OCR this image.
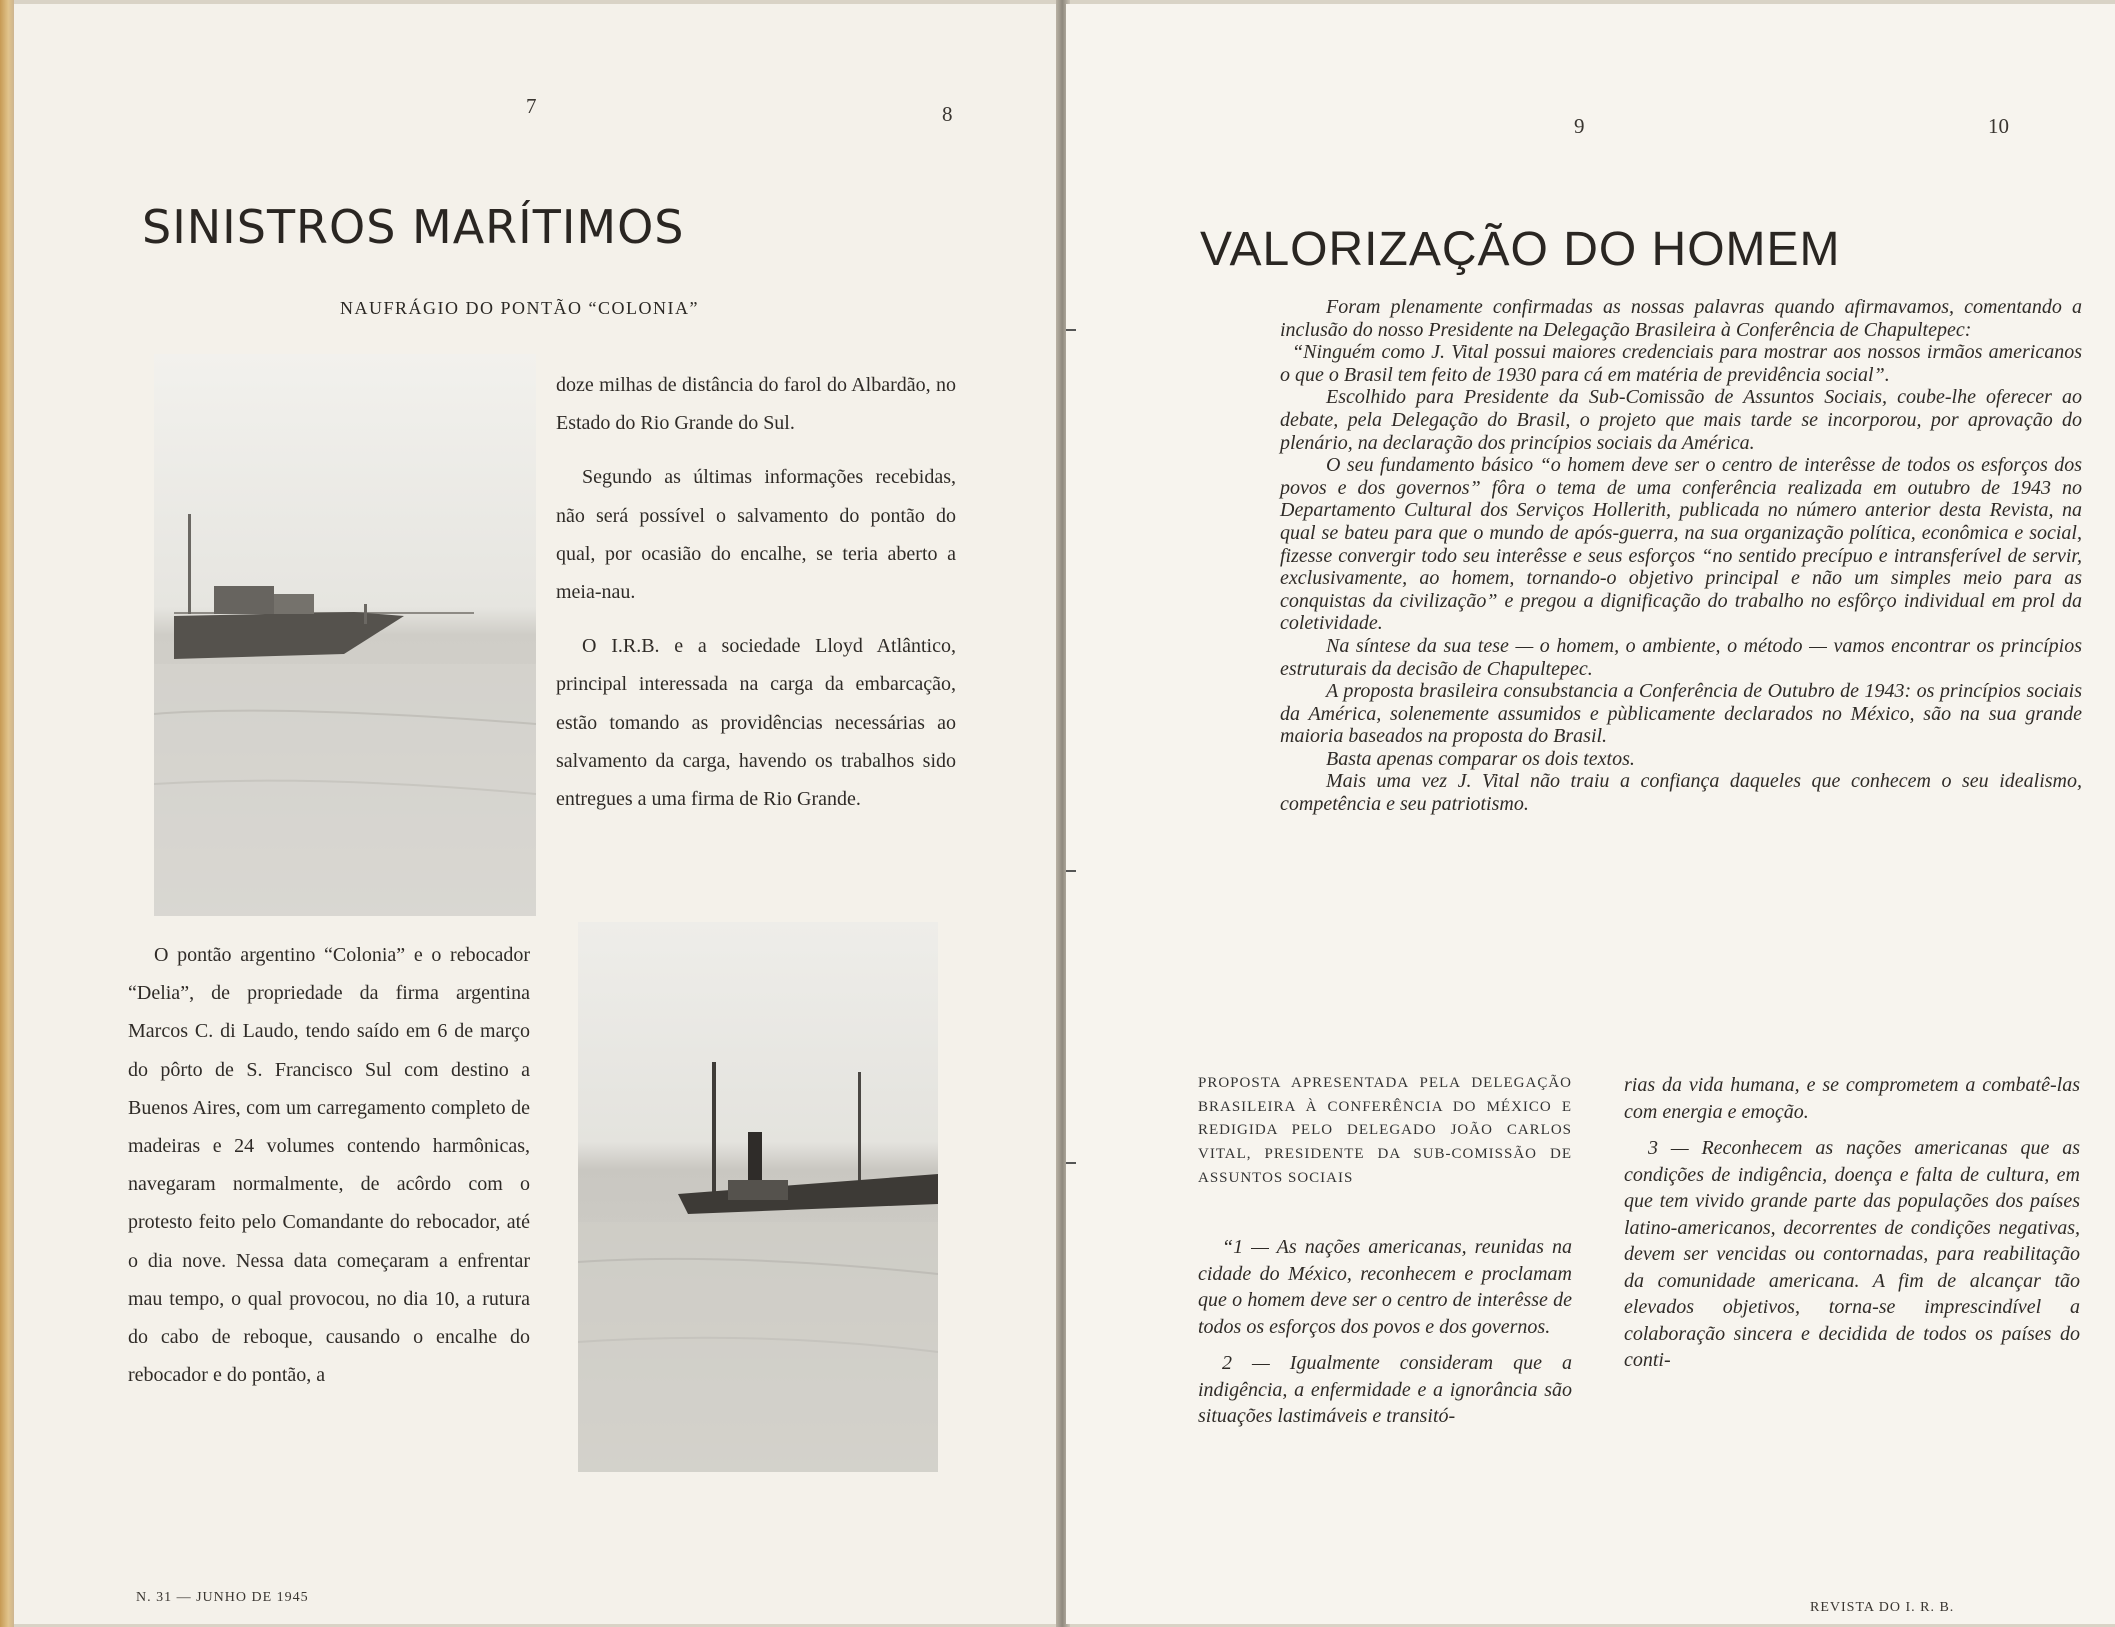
7	8
SINISTROS MARÍTIMOS
NAUFRÁGIO DO PONTÃO “COLONIA”

doze milhas de distância do farol do Albardão, no Estado do Rio Grande do Sul.

Segundo as últimas informações recebidas, não será possível o salvamento do pontão do qual, por ocasião do encalhe, se teria aberto a meia-nau.

O I.R.B. e a sociedade Lloyd Atlântico, principal interessada na carga da embarcação, estão tomando as providências necessárias ao salvamento da carga, havendo os trabalhos sido entregues a uma firma de Rio Grande.

O pontão argentino “Colonia” e o rebocador “Delia”, de propriedade da firma argentina Marcos C. di Laudo, tendo saído em 6 de março do pôrto de S. Francisco Sul com destino a Buenos Aires, com um carregamento completo de madeiras e 24 volumes contendo harmônicas, navegaram normalmente, de acôrdo com o protesto feito pelo Comandante do rebocador, até o dia nove. Nessa data começaram a enfrentar mau tempo, o qual provocou, no dia 10, a rutura do cabo de reboque, causando o encalhe do rebocador e do pontão, a

N. 31 — JUNHO DE 1945
9	10
VALORIZAÇÃO DO HOMEM

Foram plenamente confirmadas as nossas palavras quando afirmavamos, comentando a inclusão do nosso Presidente na Delegação Brasileira à Conferência de Chapultepec:

“Ninguém como J. Vital possui maiores credenciais para mostrar aos nossos irmãos americanos o que o Brasil tem feito de 1930 para cá em matéria de previdência social”.

Escolhido para Presidente da Sub-Comissão de Assuntos Sociais, coube-lhe oferecer ao debate, pela Delegação do Brasil, o projeto que mais tarde se incorporou, por aprovação do plenário, na declaração dos princípios sociais da América.

O seu fundamento básico “o homem deve ser o centro de interêsse de todos os esforços dos povos e dos governos” fôra o tema de uma conferência realizada em outubro de 1943 no Departamento Cultural dos Serviços Hollerith, publicada no número anterior desta Revista, na qual se bateu para que o mundo de após-guerra, na sua organização política, econômica e social, fizesse convergir todo seu interêsse e seus esforços “no sentido precípuo e intransferível de servir, exclusivamente, ao homem, tornando-o objetivo principal e não um simples meio para as conquistas da civilização” e pregou a dignificação do trabalho no esfôrço individual em prol da coletividade.

Na síntese da sua tese — o homem, o ambiente, o método — vamos encontrar os princípios estruturais da decisão de Chapultepec.

A proposta brasileira consubstancia a Conferência de Outubro de 1943: os princípios sociais da América, solenemente assumidos e pùblicamente declarados no México, são na sua grande maioria baseados na proposta do Brasil.

Basta apenas comparar os dois textos.

Mais uma vez J. Vital não traiu a confiança daqueles que conhecem o seu idealismo, competência e seu patriotismo.

PROPOSTA APRESENTADA PELA DELEGAÇÃO BRASILEIRA À CONFERÊNCIA DO MÉXICO E REDIGIDA PELO DELEGADO JOÃO CARLOS VITAL, PRESIDENTE DA SUB-COMISSÃO DE ASSUNTOS SOCIAIS

“1 — As nações americanas, reunidas na cidade do México, reconhecem e proclamam que o homem deve ser o centro de interêsse de todos os esforços dos povos e dos governos.

2 — Igualmente consideram que a indigência, a enfermidade e a ignorância são situações lastimáveis e transitó-

rias da vida humana, e se comprometem a combatê-las com energia e emoção.

3 — Reconhecem as nações americanas que as condições de indigência, doença e falta de cultura, em que tem vivido grande parte das populações dos países latino-americanos, decorrentes de condições negativas, devem ser vencidas ou contornadas, para reabilitação da comunidade americana. A fim de alcançar tão elevados objetivos, torna-se imprescindível a colaboração sincera e decidida de todos os países do conti-

REVISTA DO I. R. B.
